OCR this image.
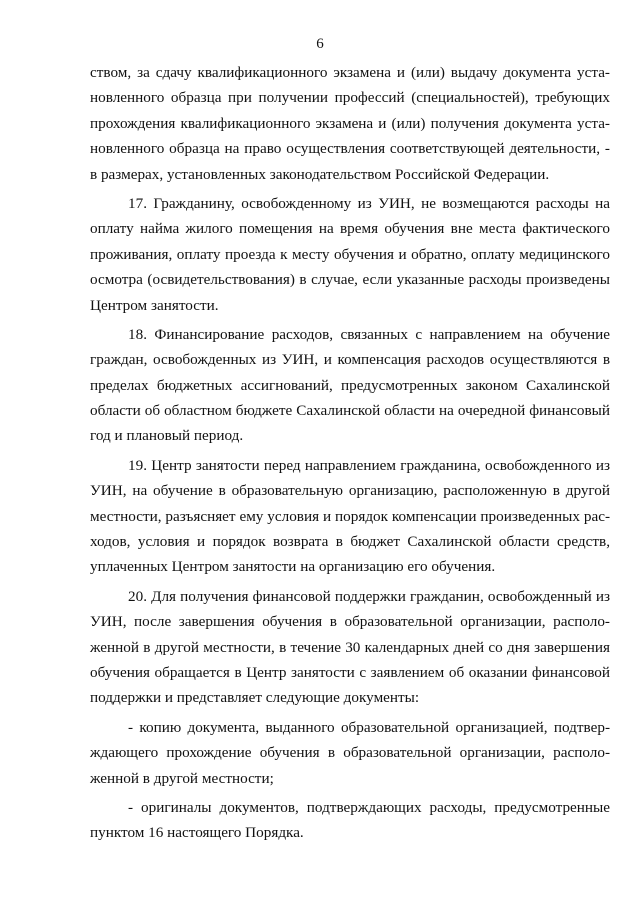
6
ством, за сдачу квалификационного экзамена и (или) выдачу документа уста-
новленного образца при получении профессий (специальностей), требующих
прохождения квалификационного экзамена и (или) получения документа уста-
новленного образца на право осуществления соответствующей деятельности, -
в размерах, установленных законодательством Российской Федерации.
17. Гражданину, освобожденному из УИН, не возмещаются расходы на
оплату найма жилого помещения на время обучения вне места фактического
проживания, оплату проезда к месту обучения и обратно, оплату медицинского
осмотра (освидетельствования) в случае, если указанные расходы произведены
Центром занятости.
18. Финансирование расходов, связанных с направлением на обучение
граждан, освобожденных из УИН, и компенсация расходов осуществляются в
пределах бюджетных ассигнований, предусмотренных законом Сахалинской
области об областном бюджете Сахалинской области на очередной финансовый
год и плановый период.
19. Центр занятости перед направлением гражданина, освобожденного из
УИН, на обучение в образовательную организацию, расположенную в другой
местности, разъясняет ему условия и порядок компенсации произведенных рас-
ходов, условия и порядок возврата в бюджет Сахалинской области средств,
уплаченных Центром занятости на организацию его обучения.
20. Для получения финансовой поддержки гражданин, освобожденный из
УИН, после завершения обучения в образовательной организации, располо-
женной в другой местности, в течение 30 календарных дней со дня завершения
обучения обращается в Центр занятости с заявлением об оказании финансовой
поддержки и представляет следующие документы:
- копию документа, выданного образовательной организацией, подтвер-
ждающего прохождение обучения в образовательной организации, располо-
женной в другой местности;
- оригиналы документов, подтверждающих расходы, предусмотренные
пунктом 16 настоящего Порядка.
